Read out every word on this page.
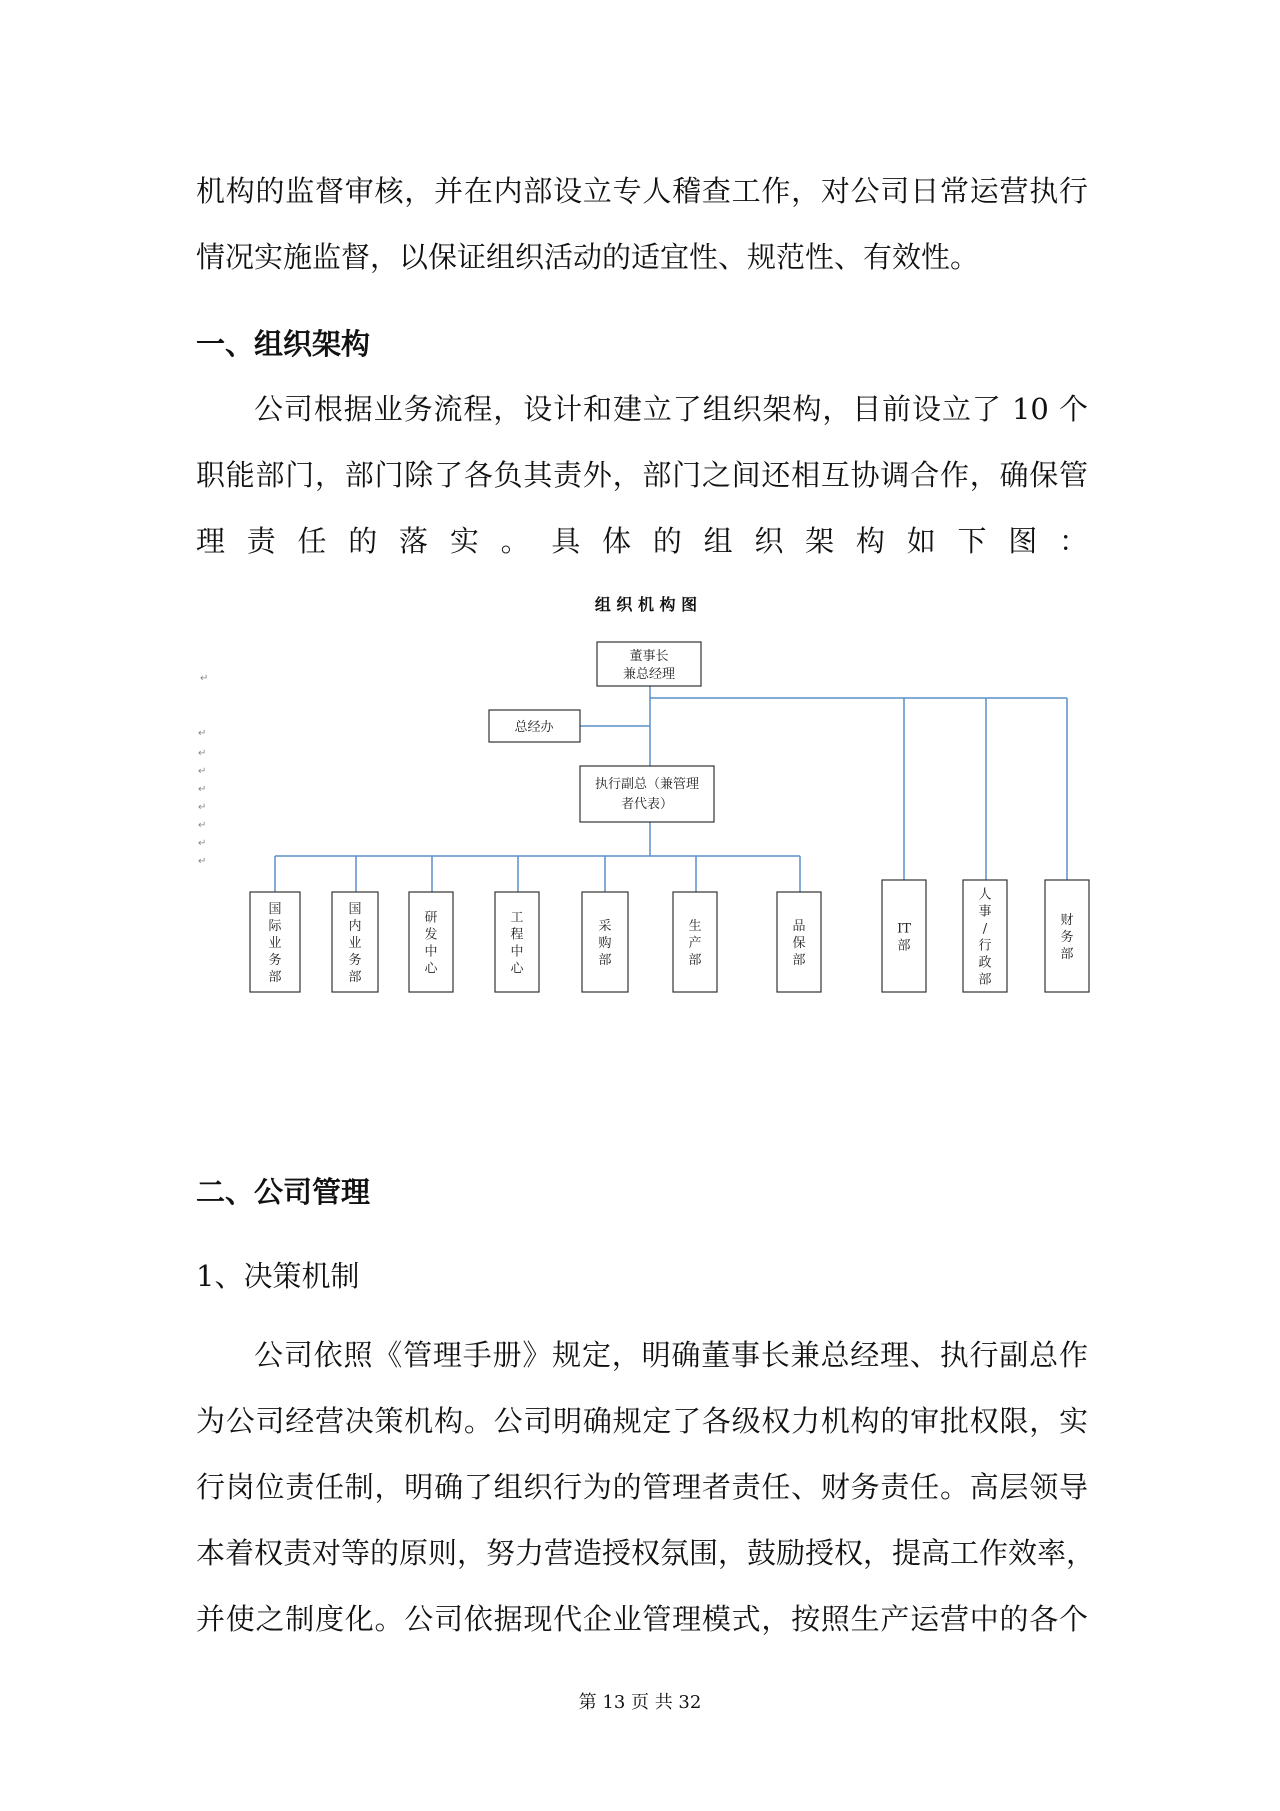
机构的监督审核，并在内部设立专人稽查工作，对公司日常运营执行
情况实施监督，以保证组织活动的适宜性、规范性、有效性。
一、组织架构
公司根据业务流程，设计和建立了组织架构，目前设立了 10 个
职能部门，部门除了各负其责外，部门之间还相互协调合作，确保管
理 责 任 的 落 实 。 具 体 的 组 织 架 构 如 下 图 ：
组 织 机 构 图
董事长
兼总经理
总经办
执行副总（兼管理
者代表）
国
际
业
务
部
国
内
业
务
部
研
发
中
心
工
程
中
心
采
购
部
生
产
部
品
保
部
IT
部
人
事
/
行
政
部
财
务
部
↵
↵
↵
↵
↵
↵
↵
↵
↵
二、公司管理

1、决策机制

公司依照《管理手册》规定，明确董事长兼总经理、执行副总作
为公司经营决策机构。公司明确规定了各级权力机构的审批权限，实
行岗位责任制，明确了组织行为的管理者责任、财务责任。高层领导
本着权责对等的原则，努力营造授权氛围，鼓励授权，提高工作效率，
并使之制度化。公司依据现代企业管理模式，按照生产运营中的各个
第 13 页 共 32
